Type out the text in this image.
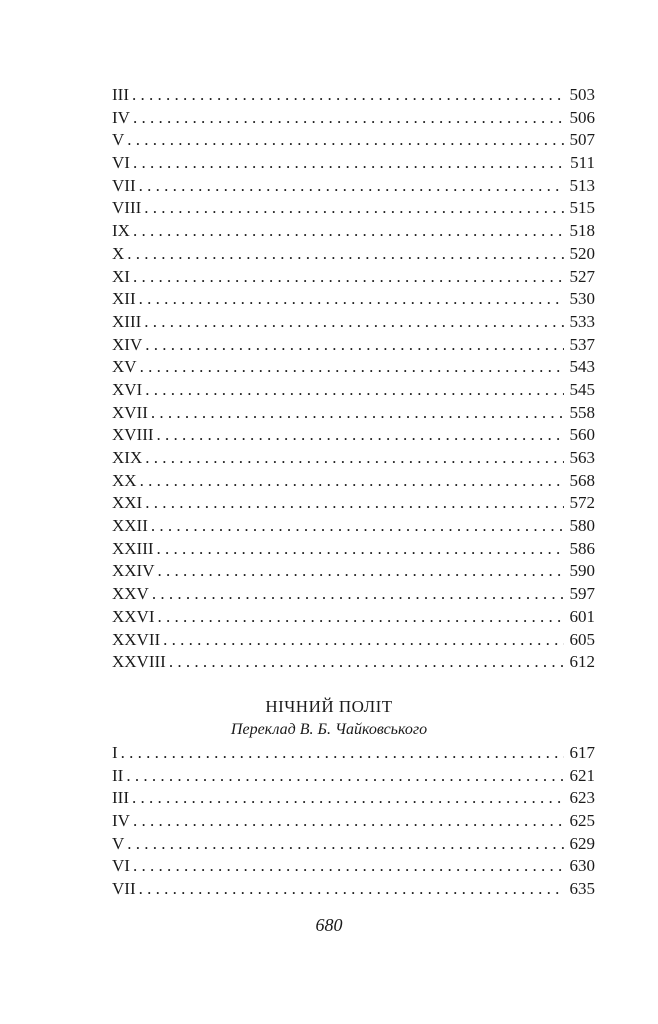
III . . .	503
IV . . .	506
V . . .	507
VI . . .	511
VII . . .	513
VIII . . .	515
IX . . .	518
X . . .	520
XI . . .	527
XII . . .	530
XIII . . .	533
XIV . . .	537
XV . . .	543
XVI . . .	545
XVII . . .	558
XVIII . . .	560
XIX . . .	563
XX . . .	568
XXI . . .	572
XXII . . .	580
XXIII . . .	586
XXIV . . .	590
XXV . . .	597
XXVI . . .	601
XXVII . . .	605
XXVIII . . .	612
НІЧНИЙ ПОЛІТ
Переклад В. Б. Чайковського
I . . .	617
II . . .	621
III . . .	623
IV . . .	625
V . . .	629
VI . . .	630
VII . . .	635
680
